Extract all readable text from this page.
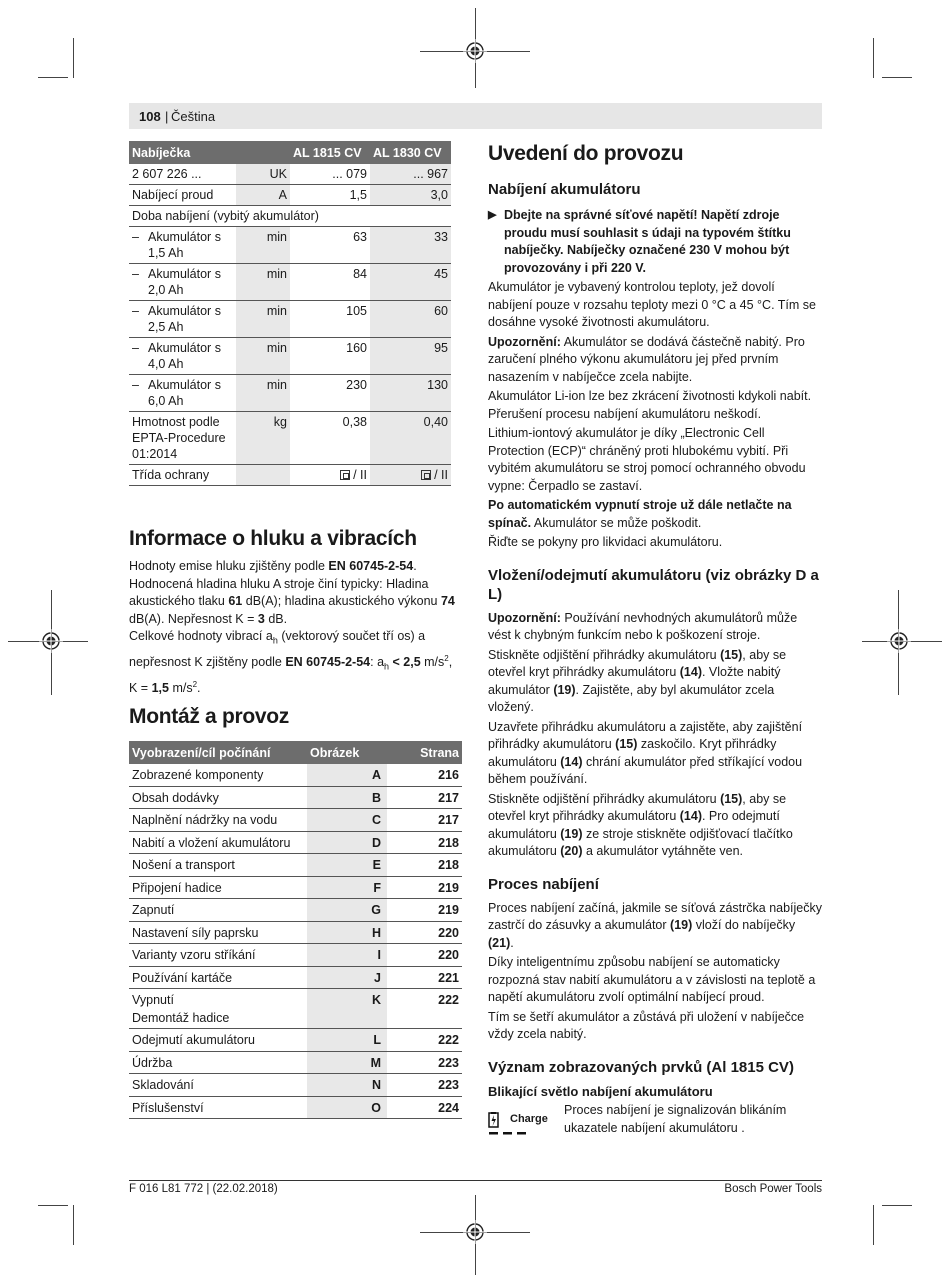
108 | Čeština
Nabíječka		AL 1815 CV	AL 1830 CV
2 607 226 ...	UK	... 079	... 967
Nabíjecí proud	A	1,5	3,0
Doba nabíjení (vybitý akumulátor)			

– Akumulátor s 1,5 Ah	min	63	33

– Akumulátor s 2,0 Ah	min	84	45

– Akumulátor s 2,5 Ah	min	105	60

– Akumulátor s 4,0 Ah	min	160	95

– Akumulátor s 6,0 Ah	min	230	130
Hmotnost podle EPTA-Procedure 01:2014	kg	0,38	0,40
Třída ochrany		/ II	/ II
Informace o hluku a vibracích
Hodnoty emise hluku zjištěny podle EN 60745-2-54.
Hodnocená hladina hluku A stroje činí typicky: Hladina akustického tlaku 61 dB(A); hladina akustického výkonu 74 dB(A). Nepřesnost K = 3 dB.
Celkové hodnoty vibrací $a_h$ (vektorový součet tří os) a nepřesnost K zjištěny podle EN 60745-2-54: $a_h < 2,5$ $m/s^2$, K = 1,5 $m/s^2$.
Montáž a provoz
Vyobrazení/cíl počínání	Obrázek	Strana

Zobrazené komponenty	A	216

Obsah dodávky	B	217

Naplnění nádržky na vodu	C	217

Nabití a vložení akumulátoru	D	218

Nošení a transport	E	218

Připojení hadice	F	219

Zapnutí	G	219

Nastavení síly paprsku	H	220

Varianty vzoru stříkání	I	220

Používání kartáče	J	221

Vypnutí
Demontáž hadice	K	222

Odejmutí akumulátoru	L	222

Údržba	M	223

Skladování	N	223

Příslušenství	O	224
Uvedení do provozu
Nabíjení akumulátoru
▶ Dbejte na správné síťové napětí! Napětí zdroje proudu musí souhlasit s údaji na typovém štítku nabíječky. Nabíječky označené 230 V mohou být provozovány i při 220 V.
Akumulátor je vybavený kontrolou teploty, jež dovolí nabíjení pouze v rozsahu teploty mezi 0 °C a 45 °C. Tím se dosáhne vysoké životnosti akumulátoru.
Upozornění: Akumulátor se dodává částečně nabitý. Pro zaručení plného výkonu akumulátoru jej před prvním nasazením v nabíječce zcela nabijte.
Akumulátor Li-ion lze bez zkrácení životnosti kdykoli nabít. Přerušení procesu nabíjení akumulátoru neškodí.
Lithium-iontový akumulátor je díky „Electronic Cell Protection (ECP)“ chráněný proti hlubokému vybití. Při vybitém akumulátoru se stroj pomocí ochranného obvodu vypne: Čerpadlo se zastaví.
Po automatickém vypnutí stroje už dále netlačte na spínač. Akumulátor se může poškodit.
Řiďte se pokyny pro likvidaci akumulátoru.
Vložení/odejmutí akumulátoru (viz obrázky D a L)
Upozornění: Používání nevhodných akumulátorů může vést k chybným funkcím nebo k poškození stroje.
Stiskněte odjištění přihrádky akumulátoru (15), aby se otevřel kryt přihrádky akumulátoru (14). Vložte nabitý akumulátor (19). Zajistěte, aby byl akumulátor zcela vložený.
Uzavřete přihrádku akumulátoru a zajistěte, aby zajištění přihrádky akumulátoru (15) zaskočilo. Kryt přihrádky akumulátoru (14) chrání akumulátor před stříkající vodou během používání.
Stiskněte odjištění přihrádky akumulátoru (15), aby se otevřel kryt přihrádky akumulátoru (14). Pro odejmutí akumulátoru (19) ze stroje stiskněte odjišťovací tlačítko akumulátoru (20) a akumulátor vytáhněte ven.
Proces nabíjení
Proces nabíjení začíná, jakmile se síťová zástrčka nabíječky zastrčí do zásuvky a akumulátor (19) vloží do nabíječky (21).
Díky inteligentnímu způsobu nabíjení se automaticky rozpozná stav nabití akumulátoru a v závislosti na teplotě a napětí akumulátoru zvolí optimální nabíjecí proud.
Tím se šetří akumulátor a zůstává při uložení v nabíječce vždy zcela nabitý.
Význam zobrazovaných prvků (Al 1815 CV)
Blikající světlo nabíjení akumulátoru
Proces nabíjení je signalizován blikáním ukazatele nabíjení akumulátoru .
Charge
F 016 L81 772 | (22.02.2018)	Bosch Power Tools
